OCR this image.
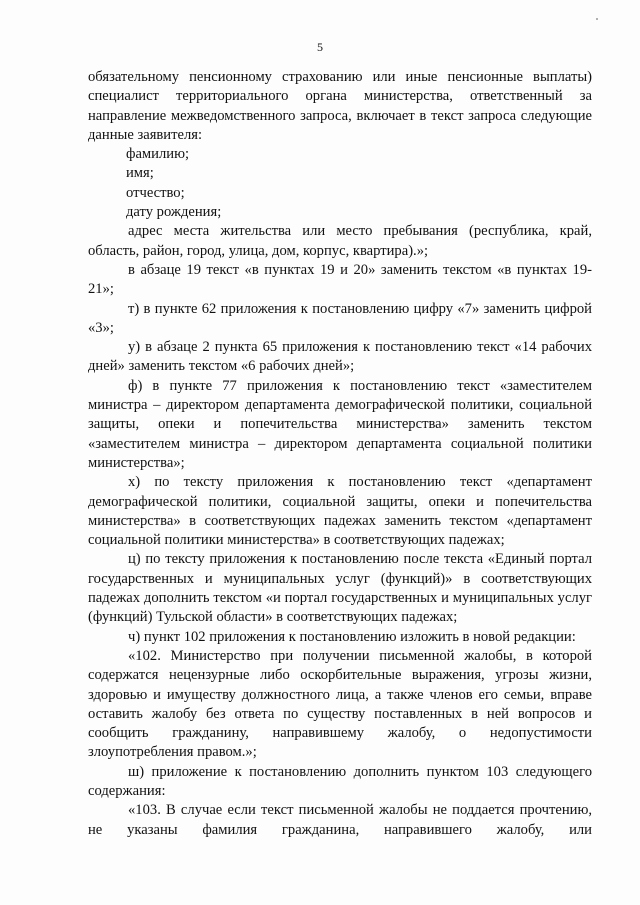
5

обязательному пенсионному страхованию или иные пенсионные выплаты) специалист территориального органа министерства, ответственный за направление межведомственного запроса, включает в текст запроса следующие данные заявителя:

фамилию;

имя;

отчество;

дату рождения;

адрес места жительства или место пребывания (республика, край, область, район, город, улица, дом, корпус, квартира).»;

в абзаце 19 текст «в пунктах 19 и 20» заменить текстом «в пунктах 19-21»;

т) в пункте 62 приложения к постановлению цифру «7» заменить цифрой «3»;

у) в абзаце 2 пункта 65 приложения к постановлению текст «14 рабочих дней» заменить текстом «6 рабочих дней»;

ф) в пункте 77 приложения к постановлению текст «заместителем министра – директором департамента демографической политики, социальной защиты, опеки и попечительства министерства» заменить текстом «заместителем министра – директором департамента социальной политики министерства»;

х) по тексту приложения к постановлению текст «департамент демографической политики, социальной защиты, опеки и попечительства министерства» в соответствующих падежах заменить текстом «департамент социальной политики министерства» в соответствующих падежах;

ц) по тексту приложения к постановлению после текста «Единый портал государственных и муниципальных услуг (функций)» в соответствующих падежах дополнить текстом «и портал государственных и муниципальных услуг (функций) Тульской области» в соответствующих падежах;

ч) пункт 102 приложения к постановлению изложить в новой редакции:

«102. Министерство при получении письменной жалобы, в которой содержатся нецензурные либо оскорбительные выражения, угрозы жизни, здоровью и имуществу должностного лица, а также членов его семьи, вправе оставить жалобу без ответа по существу поставленных в ней вопросов и сообщить гражданину, направившему жалобу, о недопустимости злоупотребления правом.»;

ш) приложение к постановлению дополнить пунктом 103 следующего содержания:

«103. В случае если текст письменной жалобы не поддается прочтению, не указаны фамилия гражданина, направившего жалобу, или
